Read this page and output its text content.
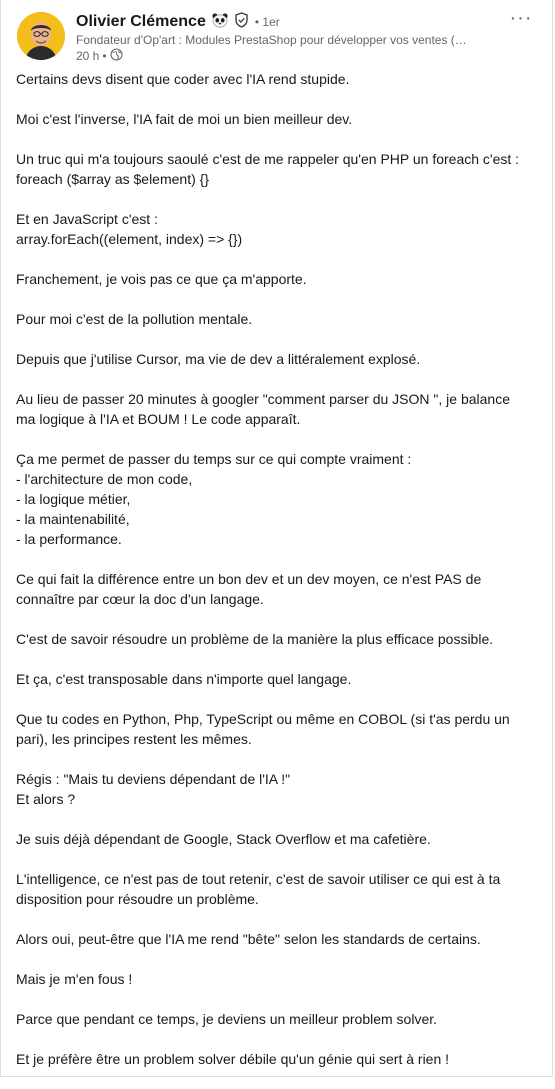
Olivier Clémence	• 1er
Fondateur d'Op'art : Modules PrestaShop pour développer vos ventes (…
20 h •
···
Certains devs disent que coder avec l'IA rend stupide.
Moi c'est l'inverse, l'IA fait de moi un bien meilleur dev.
Un truc qui m'a toujours saoulé c'est de me rappeler qu'en PHP un foreach c'est :
foreach ($array as $element) {}
Et en JavaScript c'est :
array.forEach((element, index) => {})
Franchement, je vois pas ce que ça m'apporte.
Pour moi c'est de la pollution mentale.
Depuis que j'utilise Cursor, ma vie de dev a littéralement explosé.
Au lieu de passer 20 minutes à googler "comment parser du JSON ", je balance
ma logique à l'IA et BOUM ! Le code apparaît.
Ça me permet de passer du temps sur ce qui compte vraiment :
- l'architecture de mon code,
- la logique métier,
- la maintenabilité,
- la performance.
Ce qui fait la différence entre un bon dev et un dev moyen, ce n'est PAS de
connaître par cœur la doc d'un langage.
C'est de savoir résoudre un problème de la manière la plus efficace possible.
Et ça, c'est transposable dans n'importe quel langage.
Que tu codes en Python, Php, TypeScript ou même en COBOL (si t'as perdu un
pari), les principes restent les mêmes.
Régis : "Mais tu deviens dépendant de l'IA !"
Et alors ?
Je suis déjà dépendant de Google, Stack Overflow et ma cafetière.
L'intelligence, ce n'est pas de tout retenir, c'est de savoir utiliser ce qui est à ta
disposition pour résoudre un problème.
Alors oui, peut-être que l'IA me rend "bête" selon les standards de certains.
Mais je m'en fous !
Parce que pendant ce temps, je deviens un meilleur problem solver.
Et je préfère être un problem solver débile qu'un génie qui sert à rien !
